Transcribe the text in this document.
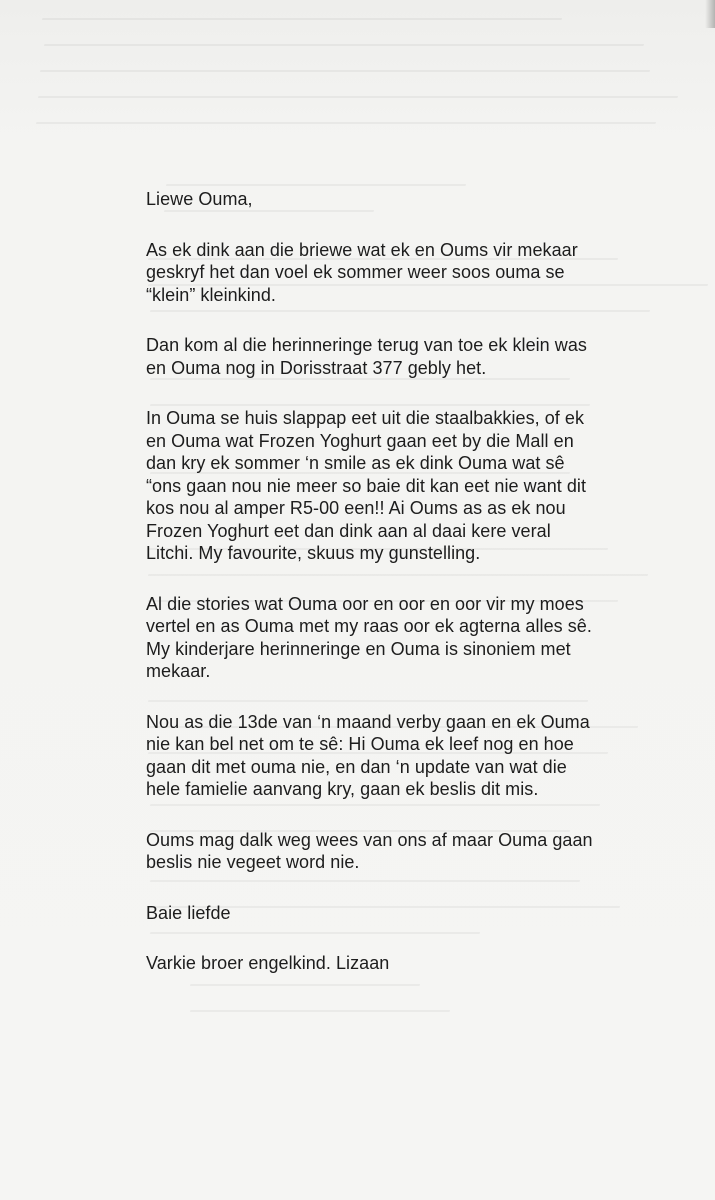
Liewe Ouma,
As ek dink aan die briewe wat ek en Oums vir mekaar
geskryf het dan voel ek sommer weer soos ouma se
“klein” kleinkind.
Dan kom al die herinneringe terug van toe ek klein was
en Ouma nog in Dorisstraat 377 gebly het.
In Ouma se huis slappap eet uit die staalbakkies, of ek
en Ouma wat Frozen Yoghurt gaan eet by die Mall en
dan kry ek sommer ‘n smile as ek dink Ouma wat sê
“ons gaan nou nie meer so baie dit kan eet nie want dit
kos nou al amper R5-00 een!! Ai Oums as as ek nou
Frozen Yoghurt eet dan dink aan al daai kere veral
Litchi. My favourite, skuus my gunstelling.
Al die stories wat Ouma oor en oor en oor vir my moes
vertel en as Ouma met my raas oor ek agterna alles sê.
My kinderjare herinneringe en Ouma is sinoniem met
mekaar.
Nou as die 13de van ‘n maand verby gaan en ek Ouma
nie kan bel net om te sê: Hi Ouma ek leef nog en hoe
gaan dit met ouma nie, en dan ‘n update van wat die
hele famielie aanvang kry, gaan ek beslis dit mis.
Oums mag dalk weg wees van ons af maar Ouma gaan
beslis nie vegeet word nie.
Baie liefde
Varkie broer engelkind. Lizaan
